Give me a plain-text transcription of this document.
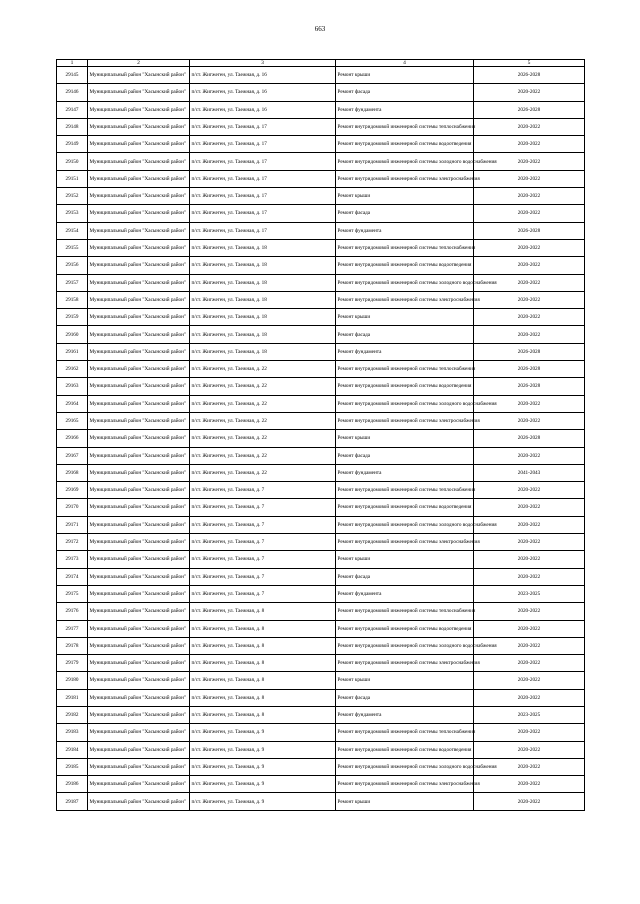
663
1	2	3	4	5
29145	Муниципальный район "Хасынский район"	п/ст. Жигжеген, ул. Таежная, д. 16	Ремонт крыши	2026-2028
29146	Муниципальный район "Хасынский район"	п/ст. Жигжеген, ул. Таежная, д. 16	Ремонт фасада	2020-2022
29147	Муниципальный район "Хасынский район"	п/ст. Жигжеген, ул. Таежная, д. 16	Ремонт фундамента	2026-2028
29148	Муниципальный район "Хасынский район"	п/ст. Жигжеген, ул. Таежная, д. 17	Ремонт внутридомовой инженерной системы теплоснабжения	2020-2022
29149	Муниципальный район "Хасынский район"	п/ст. Жигжеген, ул. Таежная, д. 17	Ремонт внутридомовой инженерной системы водоотведения	2020-2022
29150	Муниципальный район "Хасынский район"	п/ст. Жигжеген, ул. Таежная, д. 17	Ремонт внутридомовой инженерной системы холодного водоснабжения	2020-2022
29151	Муниципальный район "Хасынский район"	п/ст. Жигжеген, ул. Таежная, д. 17	Ремонт внутридомовой инженерной системы электроснабжения	2020-2022
29152	Муниципальный район "Хасынский район"	п/ст. Жигжеген, ул. Таежная, д. 17	Ремонт крыши	2020-2022
29153	Муниципальный район "Хасынский район"	п/ст. Жигжеген, ул. Таежная, д. 17	Ремонт фасада	2020-2022
29154	Муниципальный район "Хасынский район"	п/ст. Жигжеген, ул. Таежная, д. 17	Ремонт фундамента	2026-2028
29155	Муниципальный район "Хасынский район"	п/ст. Жигжеген, ул. Таежная, д. 18	Ремонт внутридомовой инженерной системы теплоснабжения	2020-2022
29156	Муниципальный район "Хасынский район"	п/ст. Жигжеген, ул. Таежная, д. 18	Ремонт внутридомовой инженерной системы водоотведения	2020-2022
29157	Муниципальный район "Хасынский район"	п/ст. Жигжеген, ул. Таежная, д. 18	Ремонт внутридомовой инженерной системы холодного водоснабжения	2020-2022
29158	Муниципальный район "Хасынский район"	п/ст. Жигжеген, ул. Таежная, д. 18	Ремонт внутридомовой инженерной системы электроснабжения	2020-2022
29159	Муниципальный район "Хасынский район"	п/ст. Жигжеген, ул. Таежная, д. 18	Ремонт крыши	2020-2022
29160	Муниципальный район "Хасынский район"	п/ст. Жигжеген, ул. Таежная, д. 18	Ремонт фасада	2020-2022
29161	Муниципальный район "Хасынский район"	п/ст. Жигжеген, ул. Таежная, д. 18	Ремонт фундамента	2026-2028
29162	Муниципальный район "Хасынский район"	п/ст. Жигжеген, ул. Таежная, д. 22	Ремонт внутридомовой инженерной системы теплоснабжения	2026-2028
29163	Муниципальный район "Хасынский район"	п/ст. Жигжеген, ул. Таежная, д. 22	Ремонт внутридомовой инженерной системы водоотведения	2026-2028
29164	Муниципальный район "Хасынский район"	п/ст. Жигжеген, ул. Таежная, д. 22	Ремонт внутридомовой инженерной системы холодного водоснабжения	2020-2022
29165	Муниципальный район "Хасынский район"	п/ст. Жигжеген, ул. Таежная, д. 22	Ремонт внутридомовой инженерной системы электроснабжения	2020-2022
29166	Муниципальный район "Хасынский район"	п/ст. Жигжеген, ул. Таежная, д. 22	Ремонт крыши	2026-2028
29167	Муниципальный район "Хасынский район"	п/ст. Жигжеген, ул. Таежная, д. 22	Ремонт фасада	2020-2022
29168	Муниципальный район "Хасынский район"	п/ст. Жигжеген, ул. Таежная, д. 22	Ремонт фундамента	2041-2043
29169	Муниципальный район "Хасынский район"	п/ст. Жигжеген, ул. Таежная, д. 7	Ремонт внутридомовой инженерной системы теплоснабжения	2020-2022
29170	Муниципальный район "Хасынский район"	п/ст. Жигжеген, ул. Таежная, д. 7	Ремонт внутридомовой инженерной системы водоотведения	2020-2022
29171	Муниципальный район "Хасынский район"	п/ст. Жигжеген, ул. Таежная, д. 7	Ремонт внутридомовой инженерной системы холодного водоснабжения	2020-2022
29172	Муниципальный район "Хасынский район"	п/ст. Жигжеген, ул. Таежная, д. 7	Ремонт внутридомовой инженерной системы электроснабжения	2020-2022
29173	Муниципальный район "Хасынский район"	п/ст. Жигжеген, ул. Таежная, д. 7	Ремонт крыши	2020-2022
29174	Муниципальный район "Хасынский район"	п/ст. Жигжеген, ул. Таежная, д. 7	Ремонт фасада	2020-2022
29175	Муниципальный район "Хасынский район"	п/ст. Жигжеген, ул. Таежная, д. 7	Ремонт фундамента	2023-2025
29176	Муниципальный район "Хасынский район"	п/ст. Жигжеген, ул. Таежная, д. 8	Ремонт внутридомовой инженерной системы теплоснабжения	2020-2022
29177	Муниципальный район "Хасынский район"	п/ст. Жигжеген, ул. Таежная, д. 8	Ремонт внутридомовой инженерной системы водоотведения	2020-2022
29178	Муниципальный район "Хасынский район"	п/ст. Жигжеген, ул. Таежная, д. 8	Ремонт внутридомовой инженерной системы холодного водоснабжения	2020-2022
29179	Муниципальный район "Хасынский район"	п/ст. Жигжеген, ул. Таежная, д. 8	Ремонт внутридомовой инженерной системы электроснабжения	2020-2022
29180	Муниципальный район "Хасынский район"	п/ст. Жигжеген, ул. Таежная, д. 8	Ремонт крыши	2020-2022
29181	Муниципальный район "Хасынский район"	п/ст. Жигжеген, ул. Таежная, д. 8	Ремонт фасада	2020-2022
29182	Муниципальный район "Хасынский район"	п/ст. Жигжеген, ул. Таежная, д. 8	Ремонт фундамента	2023-2025
29183	Муниципальный район "Хасынский район"	п/ст. Жигжеген, ул. Таежная, д. 9	Ремонт внутридомовой инженерной системы теплоснабжения	2020-2022
29184	Муниципальный район "Хасынский район"	п/ст. Жигжеген, ул. Таежная, д. 9	Ремонт внутридомовой инженерной системы водоотведения	2020-2022
29185	Муниципальный район "Хасынский район"	п/ст. Жигжеген, ул. Таежная, д. 9	Ремонт внутридомовой инженерной системы холодного водоснабжения	2020-2022
29186	Муниципальный район "Хасынский район"	п/ст. Жигжеген, ул. Таежная, д. 9	Ремонт внутридомовой инженерной системы электроснабжения	2020-2022
29187	Муниципальный район "Хасынский район"	п/ст. Жигжеген, ул. Таежная, д. 9	Ремонт крыши	2020-2022
